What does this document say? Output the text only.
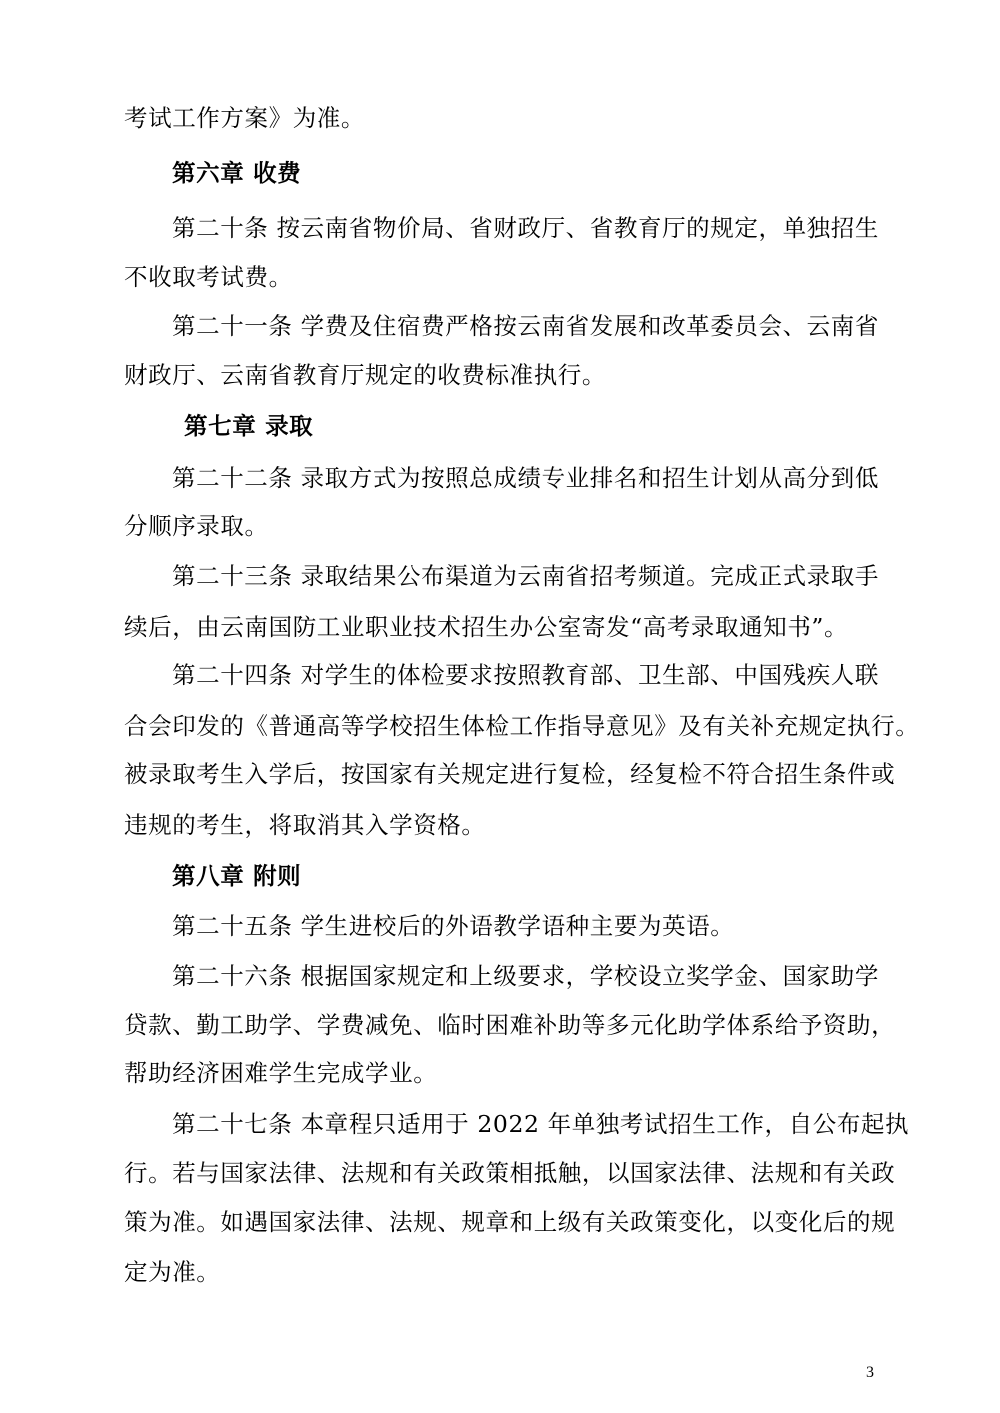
考试工作方案》为准。
第六章 收费
第二十条 按云南省物价局、省财政厅、省教育厅的规定，单独招生
不收取考试费。
第二十一条 学费及住宿费严格按云南省发展和改革委员会、云南省
财政厅、云南省教育厅规定的收费标准执行。
第七章 录取
第二十二条 录取方式为按照总成绩专业排名和招生计划从高分到低
分顺序录取。
第二十三条 录取结果公布渠道为云南省招考频道。完成正式录取手
续后，由云南国防工业职业技术招生办公室寄发“高考录取通知书”。
第二十四条 对学生的体检要求按照教育部、卫生部、中国残疾人联
合会印发的《普通高等学校招生体检工作指导意见》及有关补充规定执行。
被录取考生入学后，按国家有关规定进行复检，经复检不符合招生条件或
违规的考生，将取消其入学资格。
第八章 附则
第二十五条 学生进校后的外语教学语种主要为英语。
第二十六条 根据国家规定和上级要求，学校设立奖学金、国家助学
贷款、勤工助学、学费减免、临时困难补助等多元化助学体系给予资助，
帮助经济困难学生完成学业。
第二十七条 本章程只适用于 2022 年单独考试招生工作，自公布起执
行。若与国家法律、法规和有关政策相抵触，以国家法律、法规和有关政
策为准。如遇国家法律、法规、规章和上级有关政策变化，以变化后的规
定为准。
3
